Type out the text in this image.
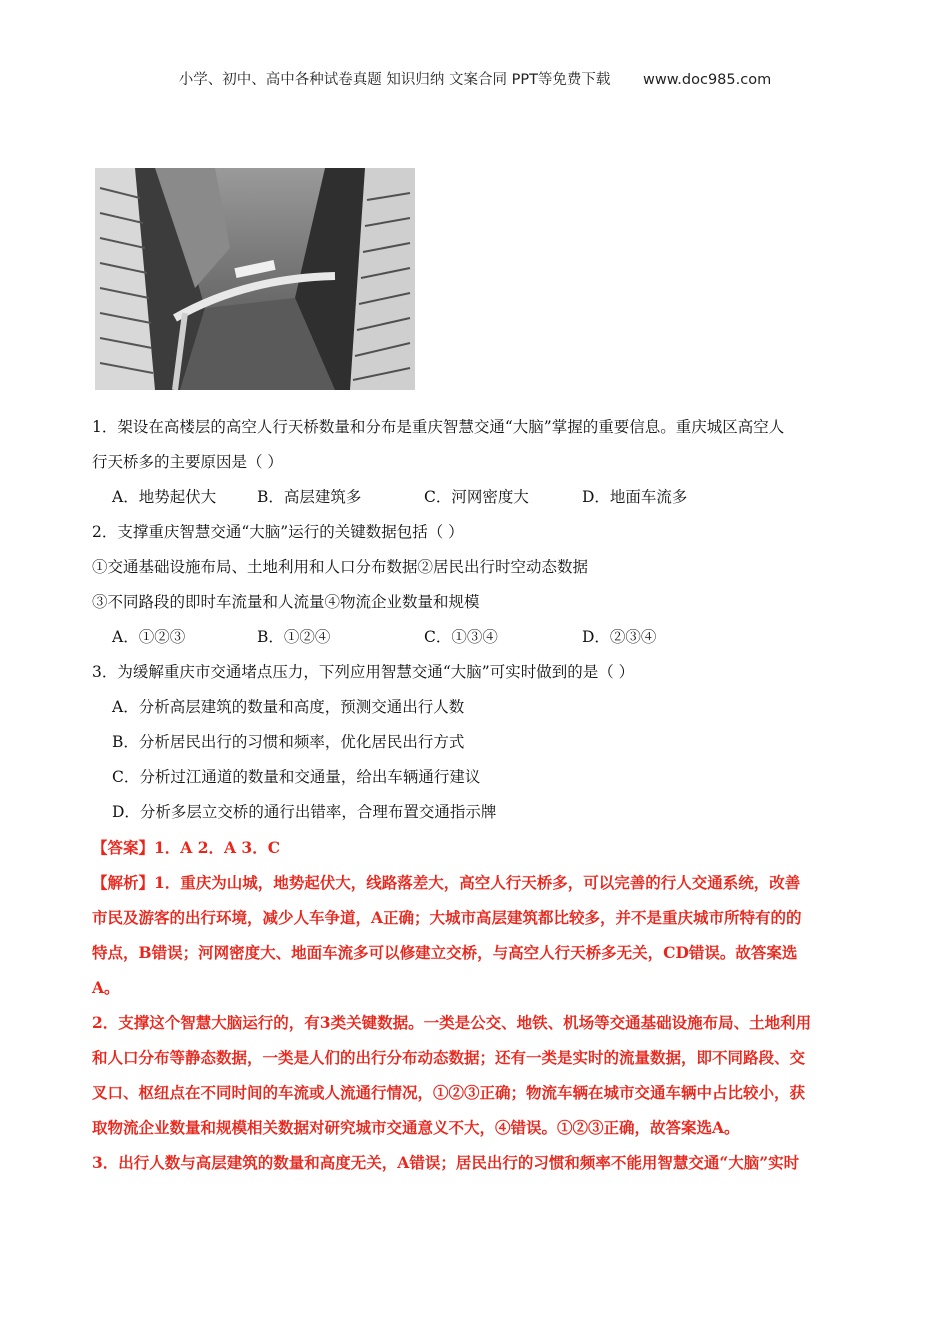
小学、初中、高中各种试卷真题 知识归纳 文案合同 PPT等免费下载 www.doc985.com

1．架设在高楼层的高空人行天桥数量和分布是重庆智慧交通“大脑”掌握的重要信息。重庆城区高空人

行天桥多的主要原因是（ ）

A．地势起伏大	B．高层建筑多	C．河网密度大	D．地面车流多

2．支撑重庆智慧交通“大脑”运行的关键数据包括（ ）

①交通基础设施布局、土地利用和人口分布数据②居民出行时空动态数据

③不同路段的即时车流量和人流量④物流企业数量和规模

A．①②③	B．①②④	C．①③④	D．②③④

3．为缓解重庆市交通堵点压力，下列应用智慧交通“大脑”可实时做到的是（ ）

A．分析高层建筑的数量和高度，预测交通出行人数

B．分析居民出行的习惯和频率，优化居民出行方式

C．分析过江通道的数量和交通量，给出车辆通行建议

D．分析多层立交桥的通行出错率，合理布置交通指示牌

【答案】1．A 2．A 3．C

【解析】1．重庆为山城，地势起伏大，线路落差大，高空人行天桥多，可以完善的行人交通系统，改善

市民及游客的出行环境，减少人车争道，A正确；大城市高层建筑都比较多，并不是重庆城市所特有的的

特点，B错误；河网密度大、地面车流多可以修建立交桥，与高空人行天桥多无关，CD错误。故答案选

A。

2．支撑这个智慧大脑运行的，有3类关键数据。一类是公交、地铁、机场等交通基础设施布局、土地利用

和人口分布等静态数据，一类是人们的出行分布动态数据；还有一类是实时的流量数据，即不同路段、交

叉口、枢纽点在不同时间的车流或人流通行情况，①②③正确；物流车辆在城市交通车辆中占比较小，获

取物流企业数量和规模相关数据对研究城市交通意义不大，④错误。①②③正确，故答案选A。

3．出行人数与高层建筑的数量和高度无关，A错误；居民出行的习惯和频率不能用智慧交通“大脑”实时
